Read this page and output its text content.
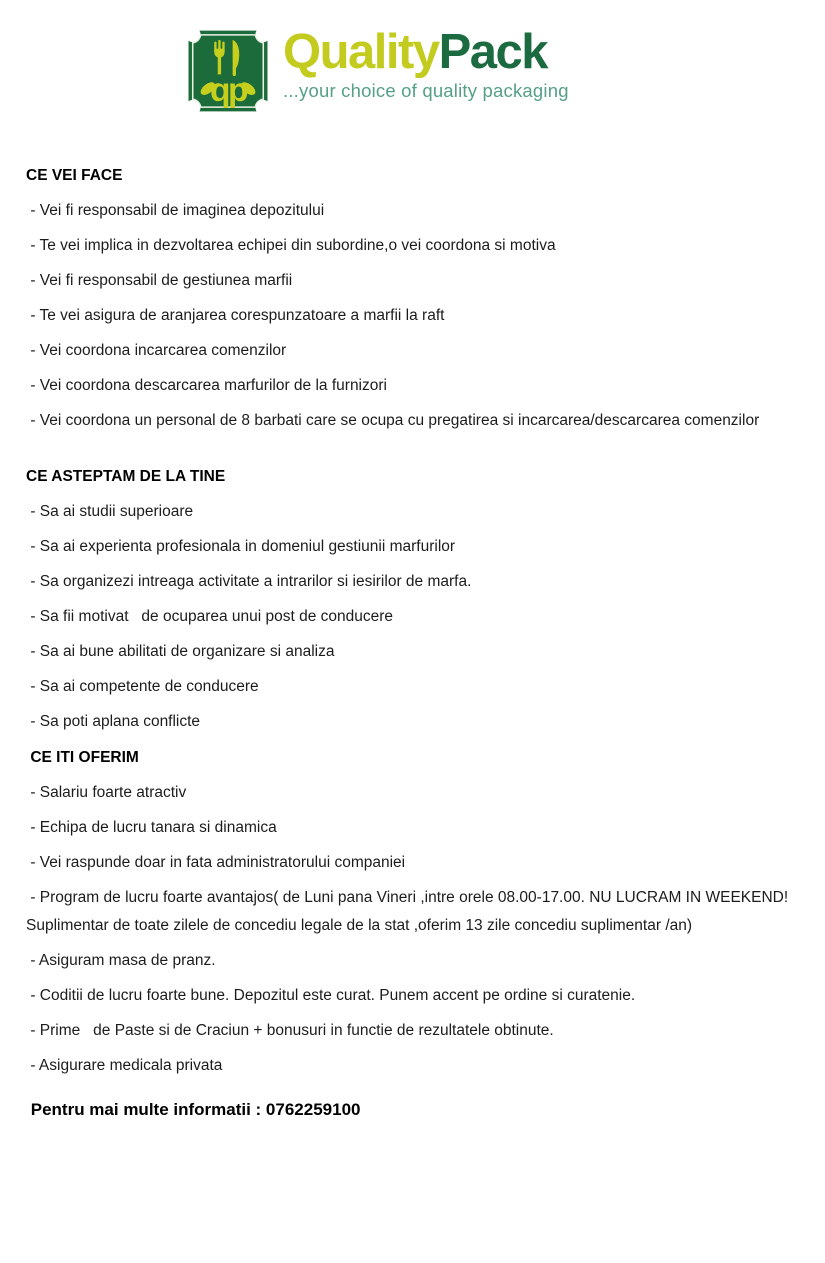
qp
QualityPack
...your choice of quality packaging

CE VEI FACE

- Vei fi responsabil de imaginea depozitului

- Te vei implica in dezvoltarea echipei din subordine,o vei coordona si motiva

- Vei fi responsabil de gestiunea marfii

- Te vei asigura de aranjarea corespunzatoare a marfii la raft

- Vei coordona incarcarea comenzilor

- Vei coordona descarcarea marfurilor de la furnizori

- Vei coordona un personal de 8 barbati care se ocupa cu pregatirea si incarcarea/descarcarea comenzilor

CE ASTEPTAM DE LA TINE

- Sa ai studii superioare

- Sa ai experienta profesionala in domeniul gestiunii marfurilor

- Sa organizezi intreaga activitate a intrarilor si iesirilor de marfa.

- Sa fii motivat   de ocuparea unui post de conducere

- Sa ai bune abilitati de organizare si analiza

- Sa ai competente de conducere

- Sa poti aplana conflicte

CE ITI OFERIM

- Salariu foarte atractiv

- Echipa de lucru tanara si dinamica

- Vei raspunde doar in fata administratorului companiei

- Program de lucru foarte avantajos( de Luni pana Vineri ,intre orele 08.00-17.00. NU LUCRAM IN WEEKEND! Suplimentar de toate zilele de concediu legale de la stat ,oferim 13 zile concediu suplimentar /an)

- Asiguram masa de pranz.

- Coditii de lucru foarte bune. Depozitul este curat. Punem accent pe ordine si curatenie.

- Prime   de Paste si de Craciun + bonusuri in functie de rezultatele obtinute.

- Asigurare medicala privata

Pentru mai multe informatii : 0762259100
